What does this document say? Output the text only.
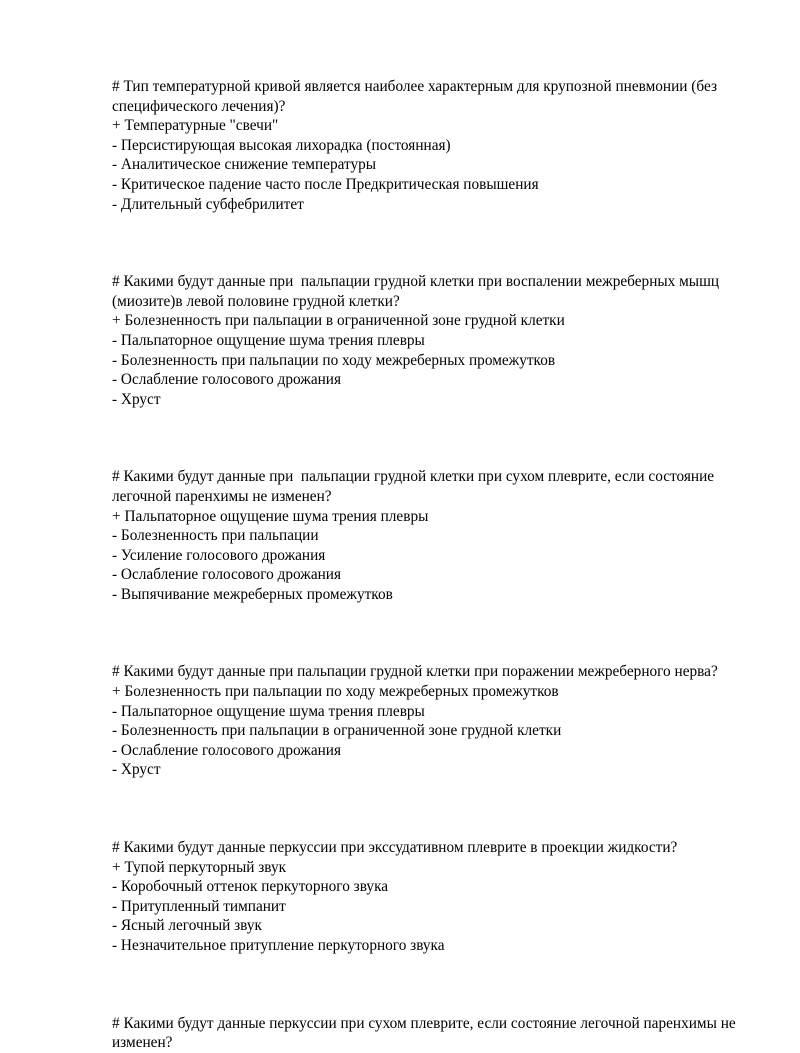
# Тип температурной кривой является наиболее характерным для крупозной пневмонии (без специфического лечения)?

+ Температурные "свечи"

- Персистирующая высокая лихорадка (постоянная)

- Аналитическое снижение температуры

- Критическое падение часто после Предкритическая повышения

- Длительный субфебрилитет

# Какими будут данные при  пальпации грудной клетки при воспалении межреберных мышц (миозите)в левой половине грудной клетки?

+ Болезненность при пальпации в ограниченной зоне грудной клетки

- Пальпаторное ощущение шума трения плевры

- Болезненность при пальпации по ходу межреберных промежутков

- Ослабление голосового дрожания

- Хруст

# Какими будут данные при  пальпации грудной клетки при сухом плеврите, если состояние легочной паренхимы не изменен?

+ Пальпаторное ощущение шума трения плевры

- Болезненность при пальпации

- Усиление голосового дрожания

- Ослабление голосового дрожания

- Выпячивание межреберных промежутков

# Какими будут данные при пальпации грудной клетки при поражении межреберного нерва?

+ Болезненность при пальпации по ходу межреберных промежутков

- Пальпаторное ощущение шума трения плевры

- Болезненность при пальпации в ограниченной зоне грудной клетки

- Ослабление голосового дрожания

- Хруст

# Какими будут данные перкуссии при экссудативном плеврите в проекции жидкости?

+ Тупой перкуторный звук

- Коробочный оттенок перкуторного звука

- Притупленный тимпанит

- Ясный легочный звук

- Незначительное притупление перкуторного звука

# Какими будут данные перкуссии при сухом плеврите, если состояние легочной паренхимы не изменен?
